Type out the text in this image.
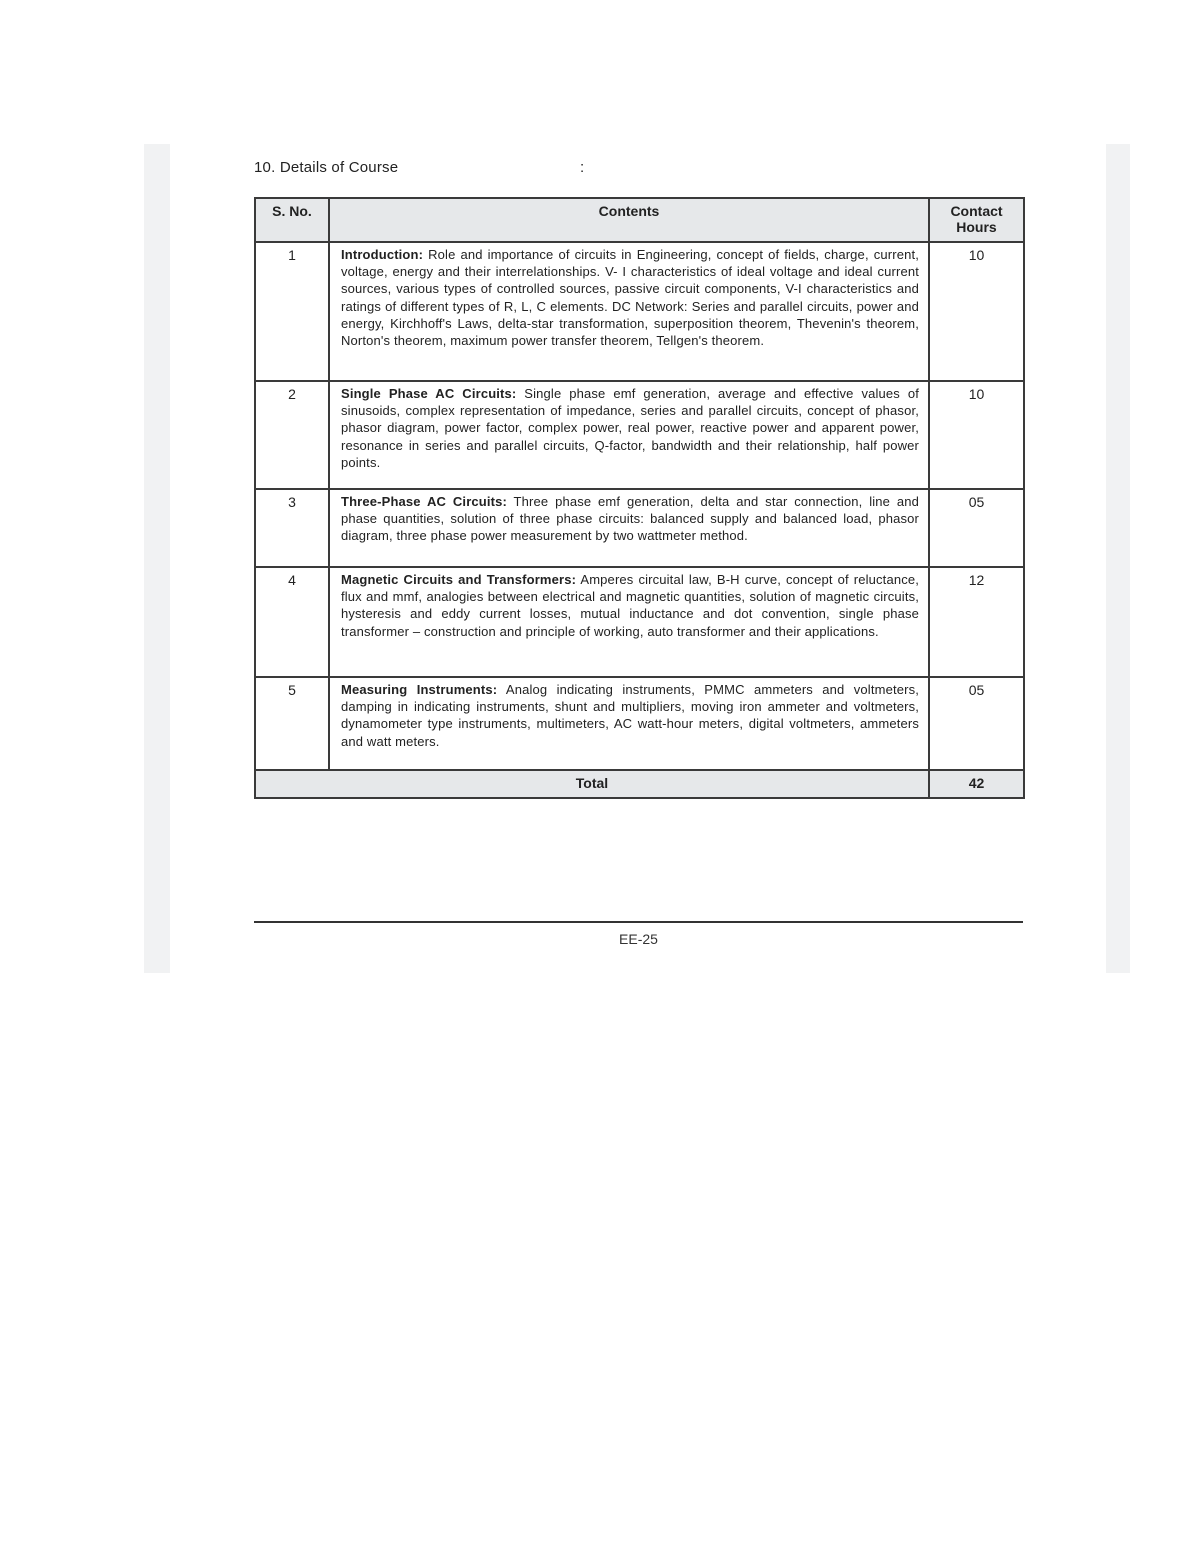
10. Details of Course	:
S. No.	Contents	Contact Hours
1	Introduction: Role and importance of circuits in Engineering, concept of fields, charge, current, voltage, energy and their interrelationships. V- I characteristics of ideal voltage and ideal current sources, various types of controlled sources, passive circuit components, V-I characteristics and ratings of different types of R, L, C elements. DC Network: Series and parallel circuits, power and energy, Kirchhoff's Laws, delta-star transformation, superposition theorem, Thevenin's theorem, Norton's theorem, maximum power transfer theorem, Tellgen's theorem.	10
2	Single Phase AC Circuits: Single phase emf generation, average and effective values of sinusoids, complex representation of impedance, series and parallel circuits, concept of phasor, phasor diagram, power factor, complex power, real power, reactive power and apparent power, resonance in series and parallel circuits, Q-factor, bandwidth and their relationship, half power points.	10
3	Three-Phase AC Circuits: Three phase emf generation, delta and star connection, line and phase quantities, solution of three phase circuits: balanced supply and balanced load, phasor diagram, three phase power measurement by two wattmeter method.	05
4	Magnetic Circuits and Transformers: Amperes circuital law, B-H curve, concept of reluctance, flux and mmf, analogies between electrical and magnetic quantities, solution of magnetic circuits, hysteresis and eddy current losses, mutual inductance and dot convention, single phase transformer – construction and principle of working, auto transformer and their applications.	12
5	Measuring Instruments: Analog indicating instruments, PMMC ammeters and voltmeters, damping in indicating instruments, shunt and multipliers, moving iron ammeter and voltmeters, dynamometer type instruments, multimeters, AC watt-hour meters, digital voltmeters, ammeters and watt meters.	05
Total		42
EE-25
